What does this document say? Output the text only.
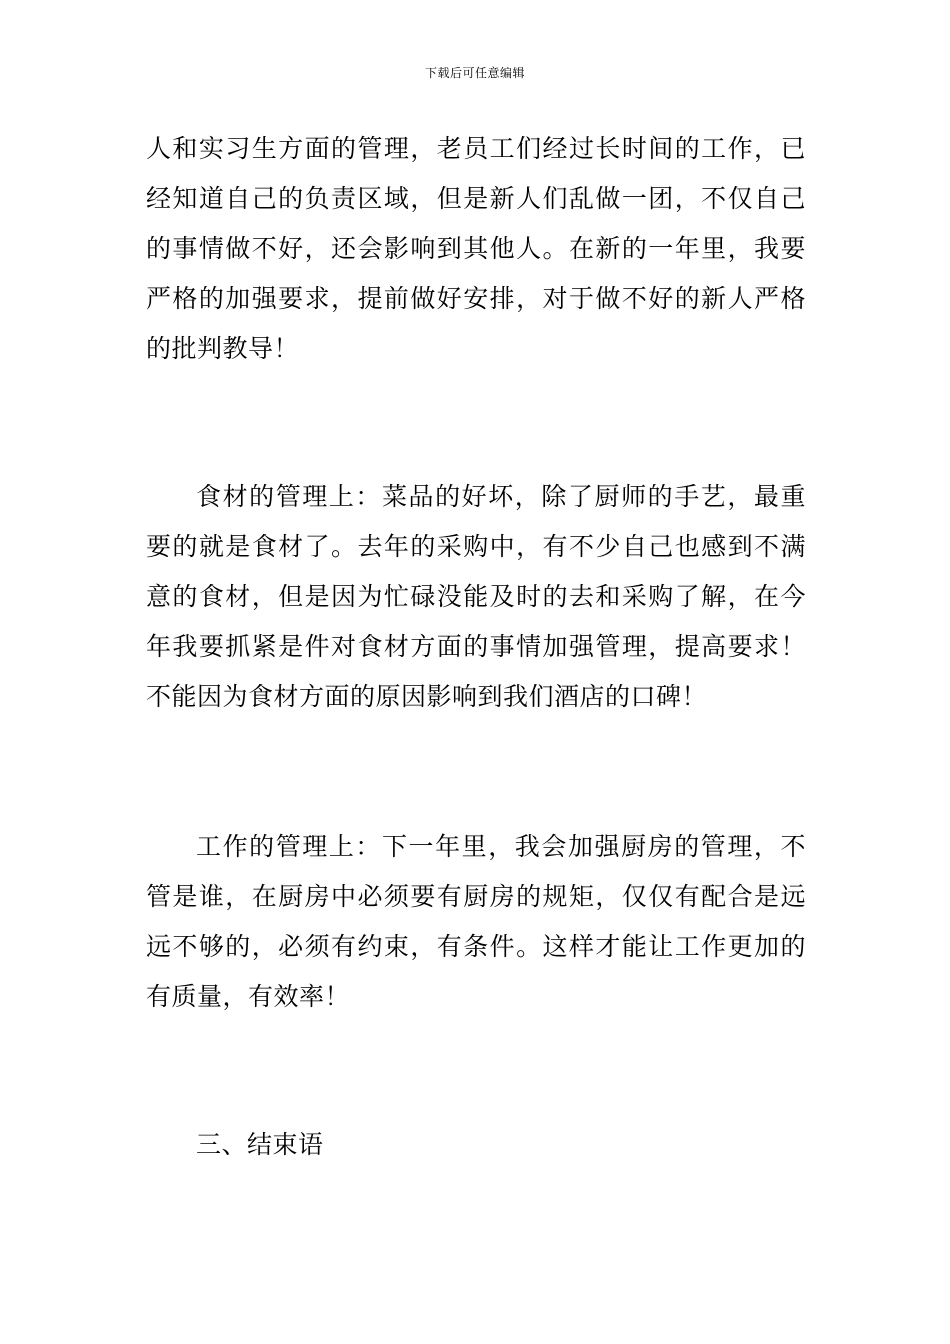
下载后可任意编辑

人和实习生方面的管理，老员工们经过长时间的工作，已经知道自己的负责区域，但是新人们乱做一团，不仅自己的事情做不好，还会影响到其他人。在新的一年里，我要严格的加强要求，提前做好安排，对于做不好的新人严格的批判教导！

食材的管理上：菜品的好坏，除了厨师的手艺，最重要的就是食材了。去年的采购中，有不少自己也感到不满意的食材，但是因为忙碌没能及时的去和采购了解，在今年我要抓紧是件对食材方面的事情加强管理，提高要求！不能因为食材方面的原因影响到我们酒店的口碑！

工作的管理上：下一年里，我会加强厨房的管理，不管是谁，在厨房中必须要有厨房的规矩，仅仅有配合是远远不够的，必须有约束，有条件。这样才能让工作更加的有质量，有效率！

三、结束语
